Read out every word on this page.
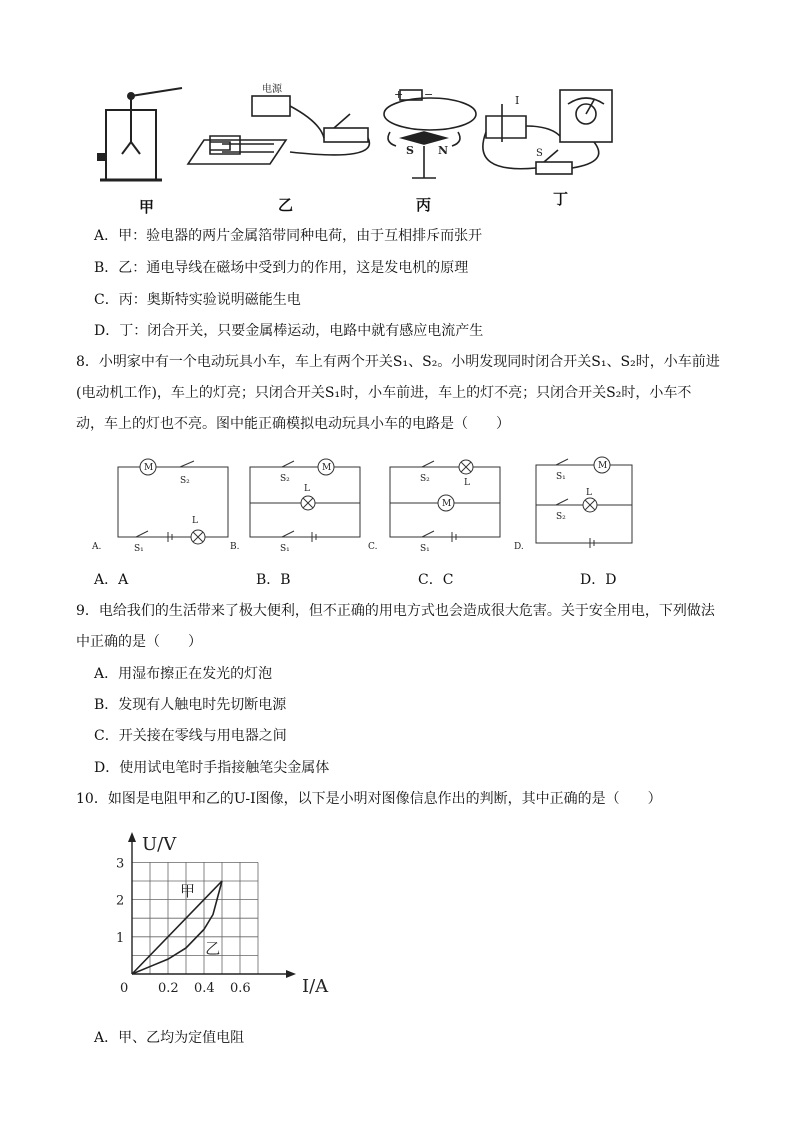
电源
I
S N
+ −
S
甲	乙	丙	丁
A．甲：验电器的两片金属箔带同种电荷，由于互相排斥而张开
B．乙：通电导线在磁场中受到力的作用，这是发电机的原理
C．丙：奥斯特实验说明磁能生电
D．丁：闭合开关，只要金属棒运动，电路中就有感应电流产生
8．小明家中有一个电动玩具小车，车上有两个开关S₁、S₂。小明发现同时闭合开关S₁、S₂时，小车前进
(电动机工作)，车上的灯亮；只闭合开关S₁时，小车前进，车上的灯不亮；只闭合开关S₂时，小车不
动，车上的灯也不亮。图中能正确模拟电动玩具小车的电路是（　　）
M
S₂
L
S₁
A.
M
S₂
L
S₁
B.
S₂	L
M
S₁
C.
M
S₁
L
S₂
D.
A．A	B．B	C．C	D．D
9．电给我们的生活带来了极大便利，但不正确的用电方式也会造成很大危害。关于安全用电，下列做法
中正确的是（　　）
A．用湿布擦正在发光的灯泡
B．发现有人触电时先切断电源
C．开关接在零线与用电器之间
D．使用试电笔时手指接触笔尖金属体
10．如图是电阻甲和乙的U-I图像，以下是小明对图像信息作出的判断，其中正确的是（　　）
I/A
U/V
0 0.2 0.4 0.6
1
2
3
甲
乙
A．甲、乙均为定值电阻
